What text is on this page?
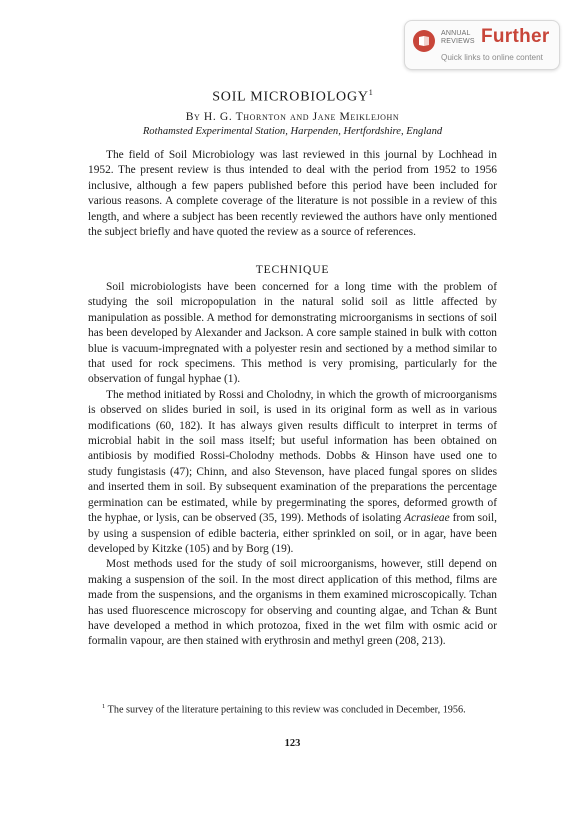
ANNUAL
REVIEWS Further
Quick links to online content
SOIL MICROBIOLOGY$^1$
By H. G. Thornton and Jane Meiklejohn
Rothamsted Experimental Station, Harpenden, Hertfordshire, England

The field of Soil Microbiology was last reviewed in this journal by Lochhead in 1952. The present review is thus intended to deal with the period from 1952 to 1956 inclusive, although a few papers published before this period have been included for various reasons. A complete coverage of the literature is not possible in a review of this length, and where a subject has been recently reviewed the authors have only mentioned the subject briefly and have quoted the review as a source of references.

TECHNIQUE

Soil microbiologists have been concerned for a long time with the problem of studying the soil micropopulation in the natural solid soil as little affected by manipulation as possible. A method for demonstrating microorganisms in sections of soil has been developed by Alexander and Jackson. A core sample stained in bulk with cotton blue is vacuum-impregnated with a polyester resin and sectioned by a method similar to that used for rock specimens. This method is very promising, particularly for the observation of fungal hyphae (1).

The method initiated by Rossi and Cholodny, in which the growth of microorganisms is observed on slides buried in soil, is used in its original form as well as in various modifications (60, 182). It has always given results difficult to interpret in terms of microbial habit in the soil mass itself; but useful information has been obtained on antibiosis by modified Rossi-Cholodny methods. Dobbs & Hinson have used one to study fungistasis (47); Chinn, and also Stevenson, have placed fungal spores on slides and inserted them in soil. By subsequent examination of the preparations the percentage germination can be estimated, while by pregerminating the spores, deformed growth of the hyphae, or lysis, can be observed (35, 199). Methods of isolating Acrasieae from soil, by using a suspension of edible bacteria, either sprinkled on soil, or in agar, have been developed by Kitzke (105) and by Borg (19).

Most methods used for the study of soil microorganisms, however, still depend on making a suspension of the soil. In the most direct application of this method, films are made from the suspensions, and the organisms in them examined microscopically. Tchan has used fluorescence microscopy for observing and counting algae, and Tchan & Bunt have developed a method in which protozoa, fixed in the wet film with osmic acid or formalin vapour, are then stained with erythrosin and methyl green (208, 213).

$^1$ The survey of the literature pertaining to this review was concluded in December, 1956.

123
